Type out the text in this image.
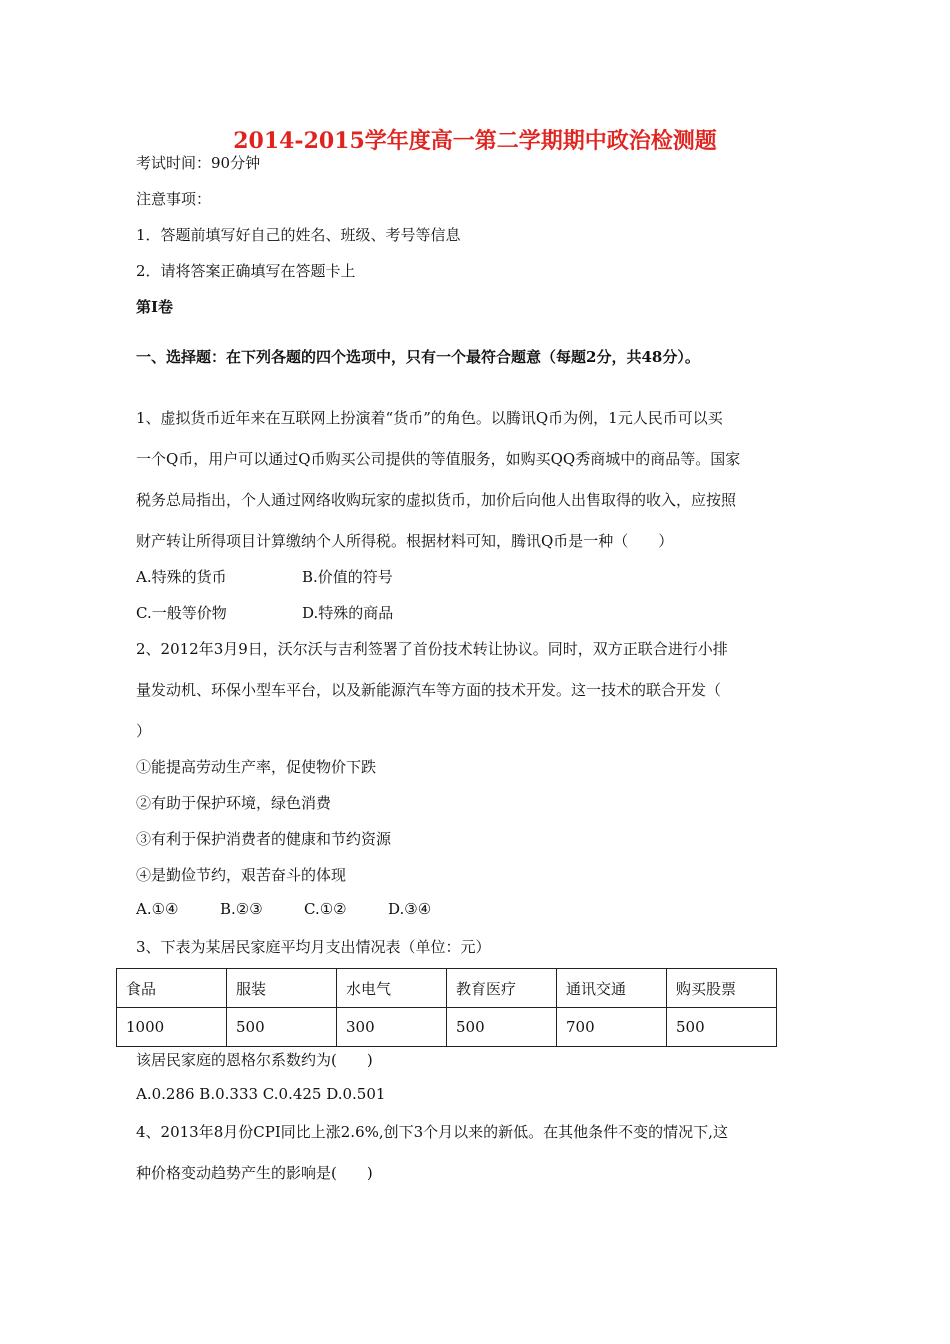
2014-2015学年度高一第二学期期中政治检测题
考试时间：90分钟
注意事项：
1．答题前填写好自己的姓名、班级、考号等信息
2．请将答案正确填写在答题卡上
第Ⅰ卷
一、选择题：在下列各题的四个选项中，只有一个最符合题意（每题2分，共48分）。
1、虚拟货币近年来在互联网上扮演着“货币”的角色。以腾讯Q币为例，1元人民币可以买
一个Q币，用户可以通过Q币购买公司提供的等值服务，如购买QQ秀商城中的商品等。国家
税务总局指出，个人通过网络收购玩家的虚拟货币，加价后向他人出售取得的收入，应按照
财产转让所得项目计算缴纳个人所得税。根据材料可知，腾讯Q币是一种（　　）
A.特殊的货币	B.价值的符号
C.一般等价物	D.特殊的商品
2、2012年3月9日，沃尔沃与吉利签署了首份技术转让协议。同时，双方正联合进行小排
量发动机、环保小型车平台，以及新能源汽车等方面的技术开发。这一技术的联合开发（
）
①能提高劳动生产率，促使物价下跌
②有助于保护环境，绿色消费
③有利于保护消费者的健康和节约资源
④是勤俭节约，艰苦奋斗的体现
A.①④	B.②③	C.①②	D.③④
3、下表为某居民家庭平均月支出情况表（单位：元）
食品	服装	水电气	教育医疗	通讯交通	购买股票
1000	500	300	500	700	500
该居民家庭的恩格尔系数约为(　　)
A.0.286 B.0.333 C.0.425 D.0.501
4、2013年8月份CPI同比上涨2.6%,创下3个月以来的新低。在其他条件不变的情况下,这
种价格变动趋势产生的影响是(　　)
